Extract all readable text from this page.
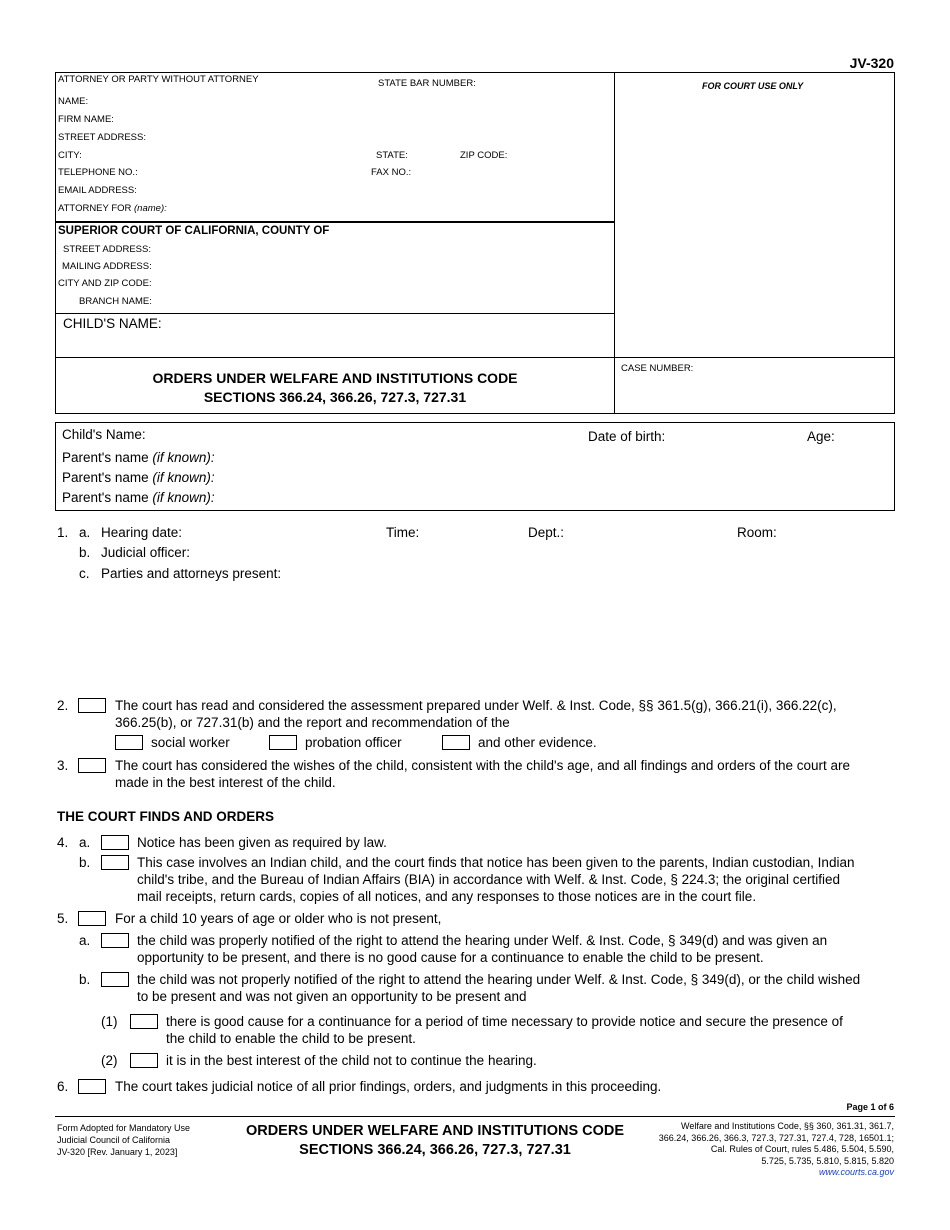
JV-320
ATTORNEY OR PARTY WITHOUT ATTORNEY	STATE BAR NUMBER:	FOR COURT USE ONLY
NAME:
FIRM NAME:
STREET ADDRESS:
CITY:	STATE:	ZIP CODE:
TELEPHONE NO.:	FAX NO.:
EMAIL ADDRESS:
ATTORNEY FOR (name):
SUPERIOR COURT OF CALIFORNIA, COUNTY OF
STREET ADDRESS:
MAILING ADDRESS:
CITY AND ZIP CODE:
BRANCH NAME:
CHILD'S NAME:
CASE NUMBER:
ORDERS UNDER WELFARE AND INSTITUTIONS CODE
SECTIONS 366.24, 366.26, 727.3, 727.31
Child's Name:	Date of birth:	Age:
Parent's name (if known):
Parent's name (if known):
Parent's name (if known):
1. a. Hearing date:	Time:	Dept.:	Room:
b. Judicial officer:
c. Parties and attorneys present:
2.	The court has read and considered the assessment prepared under Welf. & Inst. Code, §§ 361.5(g), 366.21(i), 366.22(c),
366.25(b), or 727.31(b) and the report and recommendation of the
social worker	probation officer	and other evidence.
3.	The court has considered the wishes of the child, consistent with the child's age, and all findings and orders of the court are
made in the best interest of the child.
THE COURT FINDS AND ORDERS
4. a.	Notice has been given as required by law.
b.	This case involves an Indian child, and the court finds that notice has been given to the parents, Indian custodian, Indian
child's tribe, and the Bureau of Indian Affairs (BIA) in accordance with Welf. & Inst. Code, § 224.3; the original certified
mail receipts, return cards, copies of all notices, and any responses to those notices are in the court file.
5.	For a child 10 years of age or older who is not present,
a.	the child was properly notified of the right to attend the hearing under Welf. & Inst. Code, § 349(d) and was given an
opportunity to be present, and there is no good cause for a continuance to enable the child to be present.
b.	the child was not properly notified of the right to attend the hearing under Welf. & Inst. Code, § 349(d), or the child wished
to be present and was not given an opportunity to be present and
(1)	there is good cause for a continuance for a period of time necessary to provide notice and secure the presence of
the child to enable the child to be present.
(2)	it is in the best interest of the child not to continue the hearing.
6.	The court takes judicial notice of all prior findings, orders, and judgments in this proceeding.
Page 1 of 6
Form Adopted for Mandatory Use
Judicial Council of California
JV-320 [Rev. January 1, 2023]
ORDERS UNDER WELFARE AND INSTITUTIONS CODE
SECTIONS 366.24, 366.26, 727.3, 727.31
Welfare and Institutions Code, §§ 360, 361.31, 361.7,
366.24, 366.26, 366.3, 727.3, 727.31, 727.4, 728, 16501.1;
Cal. Rules of Court, rules 5.486, 5.504, 5.590,
5.725, 5.735, 5.810, 5.815, 5.820
www.courts.ca.gov
